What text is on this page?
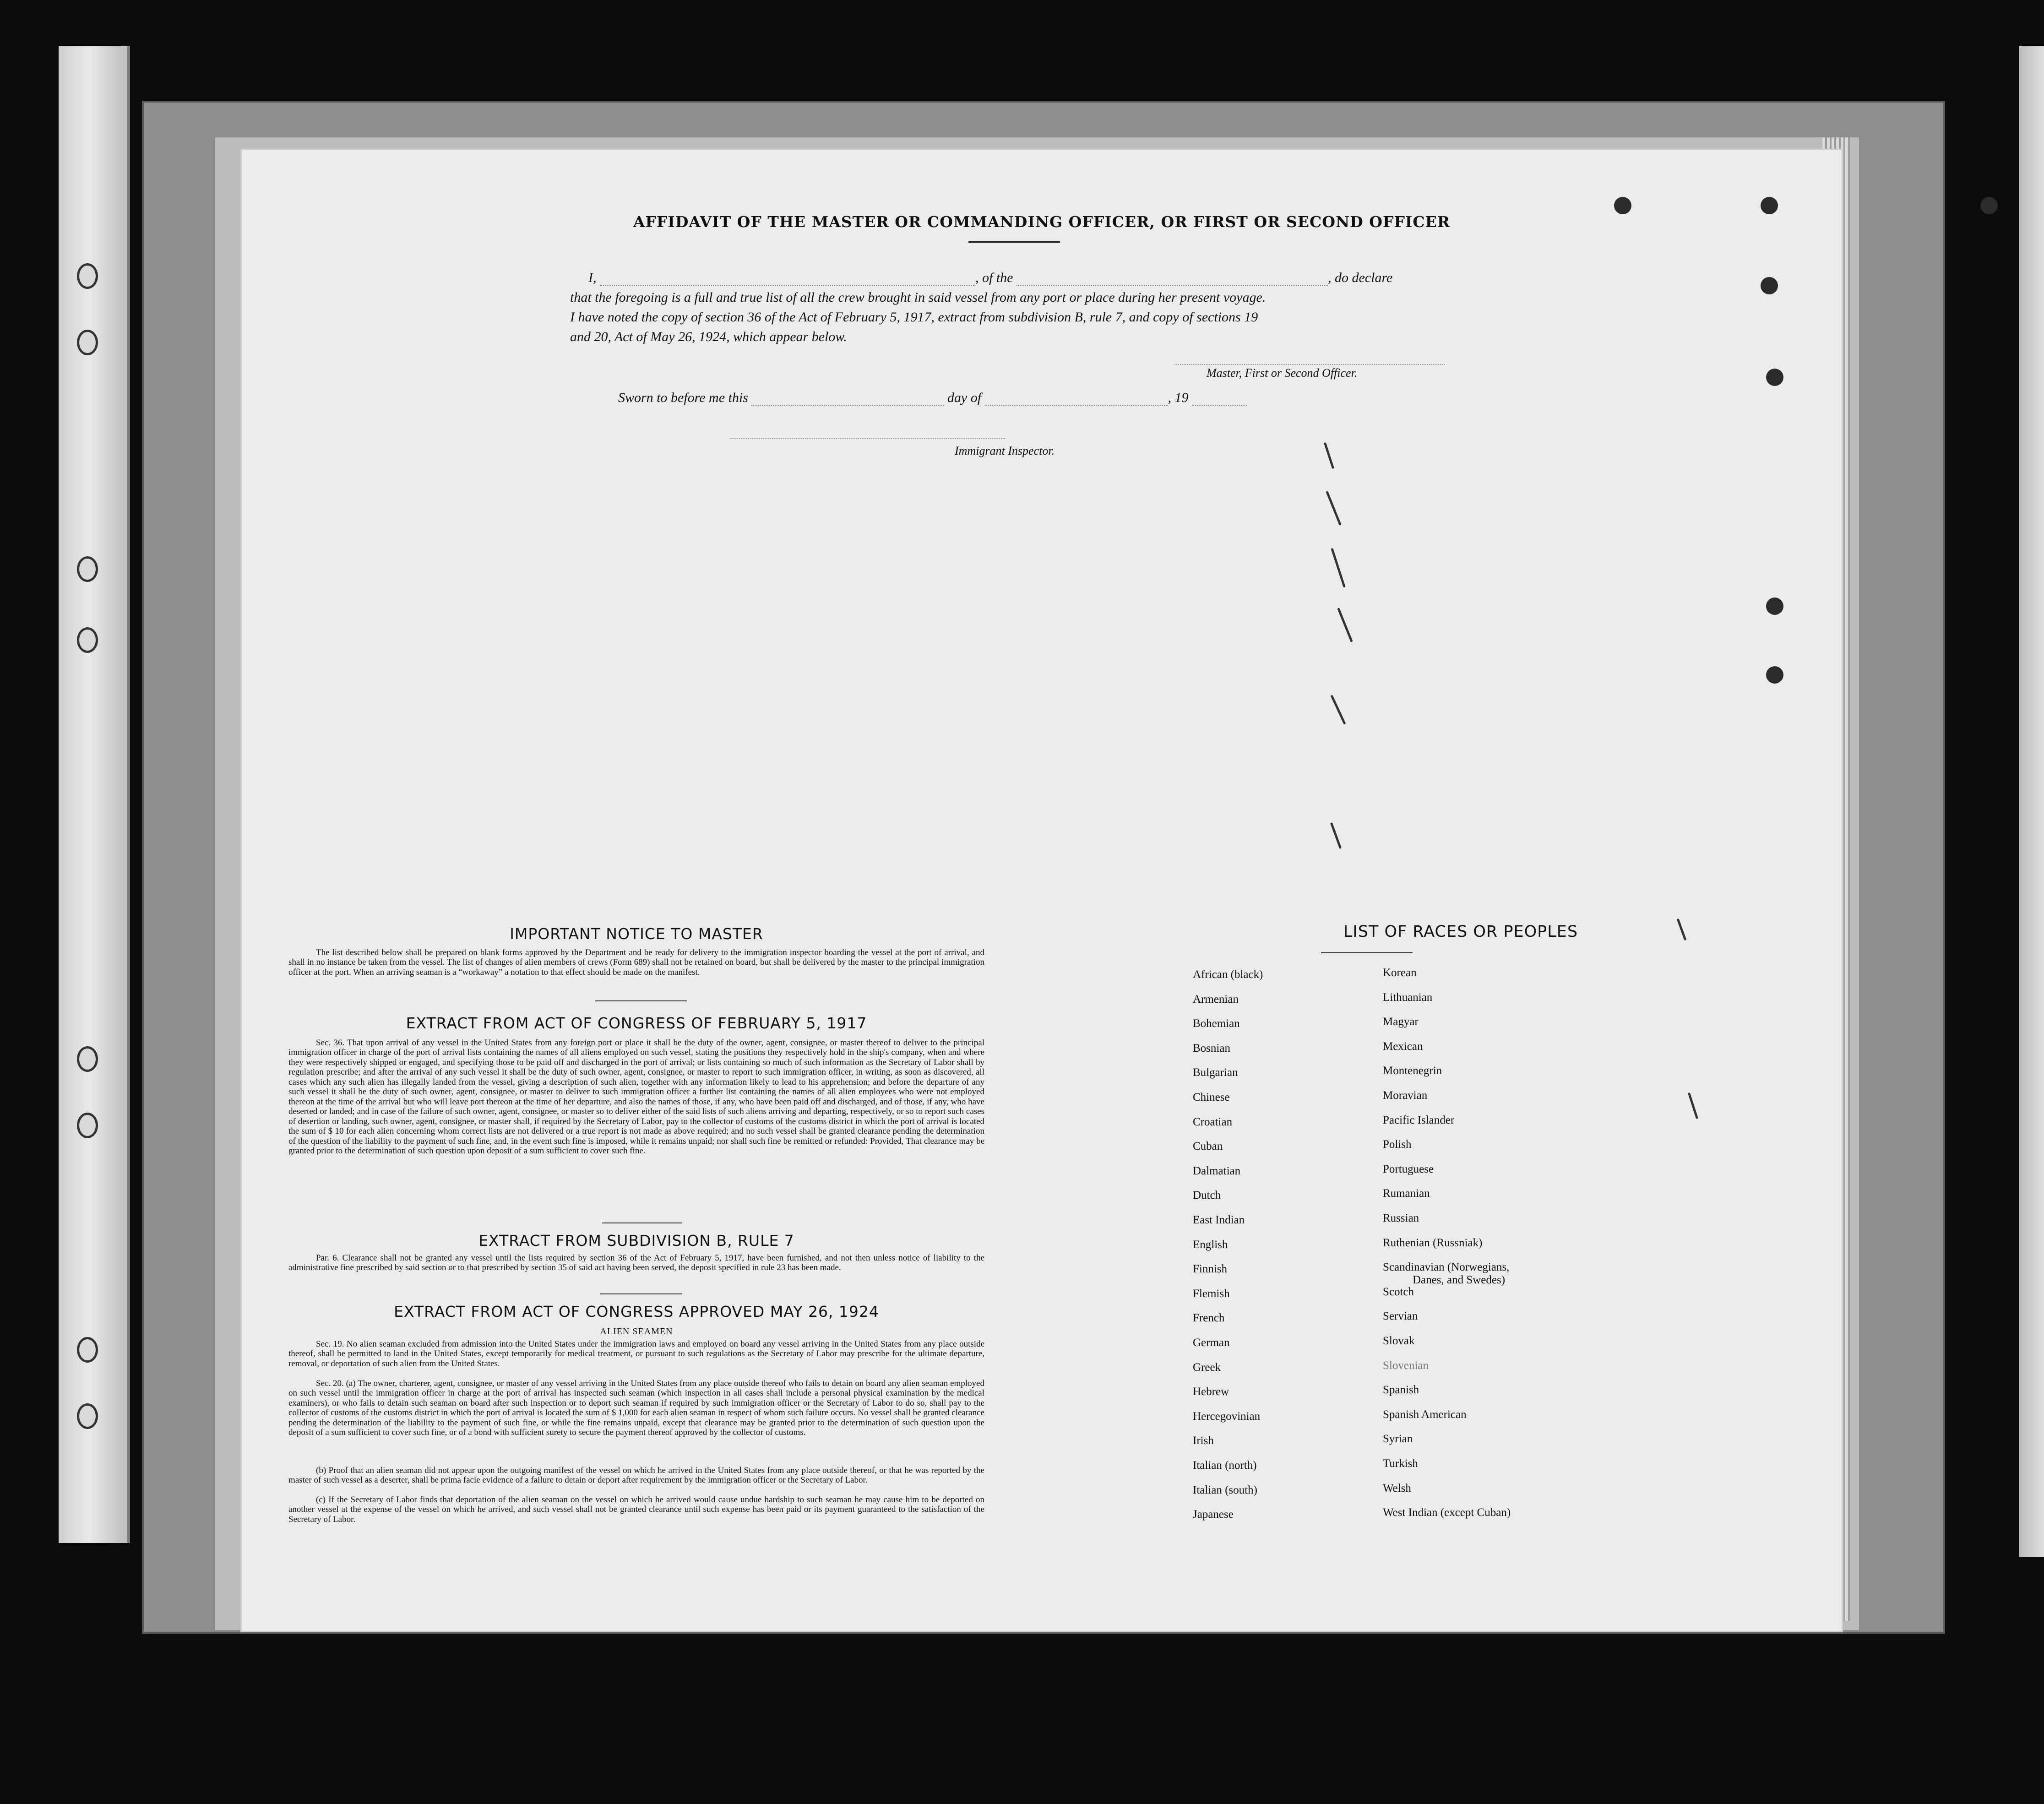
AFFIDAVIT OF THE MASTER OR COMMANDING OFFICER, OR FIRST OR SECOND OFFICER
I,	, of the	, do declare
that the foregoing is a full and true list of all the crew brought in said vessel from any port or place during her present voyage.
I have noted the copy of section 36 of the Act of February 5, 1917, extract from subdivision B, rule 7, and copy of sections 19
and 20, Act of May 26, 1924, which appear below.
Master, First or Second Officer.
Sworn to before me this	day of	, 19
Immigrant Inspector.
IMPORTANT NOTICE TO MASTER

The list described below shall be prepared on blank forms approved by the Department and be ready for delivery to the immigration inspector boarding the vessel at the port of arrival, and shall in no instance be taken from the vessel. The list of changes of alien members of crews (Form 689) shall not be retained on board, but shall be delivered by the master to the principal immigration officer at the port. When an arriving seaman is a “workaway” a notation to that effect should be made on the manifest.

EXTRACT FROM ACT OF CONGRESS OF FEBRUARY 5, 1917

Sec. 36. That upon arrival of any vessel in the United States from any foreign port or place it shall be the duty of the owner, agent, consignee, or master thereof to deliver to the principal immigration officer in charge of the port of arrival lists containing the names of all aliens employed on such vessel, stating the positions they respectively hold in the ship's company, when and where they were respectively shipped or engaged, and specifying those to be paid off and discharged in the port of arrival; or lists containing so much of such information as the Secretary of Labor shall by regulation prescribe; and after the arrival of any such vessel it shall be the duty of such owner, agent, consignee, or master to report to such immigration officer, in writing, as soon as discovered, all cases which any such alien has illegally landed from the vessel, giving a description of such alien, together with any information likely to lead to his apprehension; and before the departure of any such vessel it shall be the duty of such owner, agent, consignee, or master to deliver to such immigration officer a further list containing the names of all alien employees who were not employed thereon at the time of the arrival but who will leave port thereon at the time of her departure, and also the names of those, if any, who have been paid off and discharged, and of those, if any, who have deserted or landed; and in case of the failure of such owner, agent, consignee, or master so to deliver either of the said lists of such aliens arriving and departing, respectively, or so to report such cases of desertion or landing, such owner, agent, consignee, or master shall, if required by the Secretary of Labor, pay to the collector of customs of the customs district in which the port of arrival is located the sum of $ 10 for each alien concerning whom correct lists are not delivered or a true report is not made as above required; and no such vessel shall be granted clearance pending the determination of the question of the liability to the payment of such fine, and, in the event such fine is imposed, while it remains unpaid; nor shall such fine be remitted or refunded: Provided, That clearance may be granted prior to the determination of such question upon deposit of a sum sufficient to cover such fine.

EXTRACT FROM SUBDIVISION B, RULE 7

Par. 6. Clearance shall not be granted any vessel until the lists required by section 36 of the Act of February 5, 1917, have been furnished, and not then unless notice of liability to the administrative fine prescribed by said section or to that prescribed by section 35 of said act having been served, the deposit specified in rule 23 has been made.

EXTRACT FROM ACT OF CONGRESS APPROVED MAY 26, 1924
ALIEN SEAMEN

Sec. 19. No alien seaman excluded from admission into the United States under the immigration laws and employed on board any vessel arriving in the United States from any place outside thereof, shall be permitted to land in the United States, except temporarily for medical treatment, or pursuant to such regulations as the Secretary of Labor may prescribe for the ultimate departure, removal, or deportation of such alien from the United States.

Sec. 20. (a) The owner, charterer, agent, consignee, or master of any vessel arriving in the United States from any place outside thereof who fails to detain on board any alien seaman employed on such vessel until the immigration officer in charge at the port of arrival has inspected such seaman (which inspection in all cases shall include a personal physical examination by the medical examiners), or who fails to detain such seaman on board after such inspection or to deport such seaman if required by such immigration officer or the Secretary of Labor to do so, shall pay to the collector of customs of the customs district in which the port of arrival is located the sum of $ 1,000 for each alien seaman in respect of whom such failure occurs. No vessel shall be granted clearance pending the determination of the liability to the payment of such fine, or while the fine remains unpaid, except that clearance may be granted prior to the determination of such question upon the deposit of a sum sufficient to cover such fine, or of a bond with sufficient surety to secure the payment thereof approved by the collector of customs.

(b) Proof that an alien seaman did not appear upon the outgoing manifest of the vessel on which he arrived in the United States from any place outside thereof, or that he was reported by the master of such vessel as a deserter, shall be prima facie evidence of a failure to detain or deport after requirement by the immigration officer or the Secretary of Labor.

(c) If the Secretary of Labor finds that deportation of the alien seaman on the vessel on which he arrived would cause undue hardship to such seaman he may cause him to be deported on another vessel at the expense of the vessel on which he arrived, and such vessel shall not be granted clearance until such expense has been paid or its payment guaranteed to the satisfaction of the Secretary of Labor.

LIST OF RACES OR PEOPLES
African (black)
Armenian
Bohemian
Bosnian
Bulgarian
Chinese
Croatian
Cuban
Dalmatian
Dutch
East Indian
English
Finnish
Flemish
French
German
Greek
Hebrew
Hercegovinian
Irish
Italian (north)
Italian (south)
Japanese
Korean
Lithuanian
Magyar
Mexican
Montenegrin
Moravian
Pacific Islander
Polish
Portuguese
Rumanian
Russian
Ruthenian (Russniak)
Scandinavian (Norwegians,
Danes, and Swedes)
Scotch
Servian
Slovak
Slovenian
Spanish
Spanish American
Syrian
Turkish
Welsh
West Indian (except Cuban)
